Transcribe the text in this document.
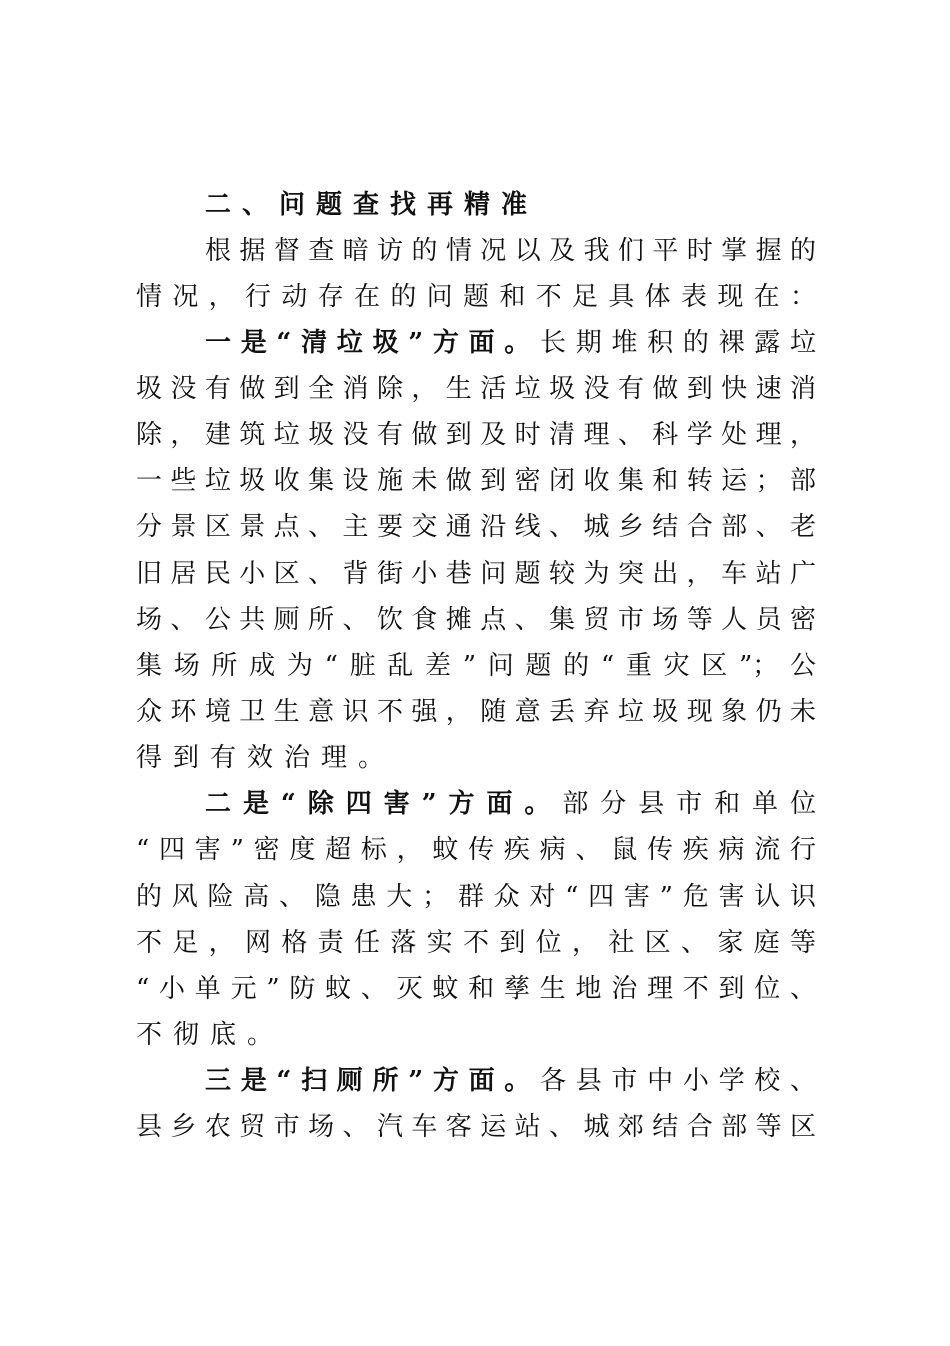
二、问题查找再精准
根据督查暗访的情况以及我们平时掌握的
情况，行动存在的问题和不足具体表现在：
一是“清垃圾”方面。长期堆积的裸露垃
圾没有做到全消除，生活垃圾没有做到快速消
除，建筑垃圾没有做到及时清理、科学处理，
一些垃圾收集设施未做到密闭收集和转运；部
分景区景点、主要交通沿线、城乡结合部、老
旧居民小区、背街小巷问题较为突出，车站广
场、公共厕所、饮食摊点、集贸市场等人员密
集场所成为“脏乱差”问题的“重灾区”；公
众环境卫生意识不强，随意丢弃垃圾现象仍未
得到有效治理。
二是“除四害”方面。部分县市和单位
“四害”密度超标，蚊传疾病、鼠传疾病流行
的风险高、隐患大；群众对“四害”危害认识
不足，网格责任落实不到位，社区、家庭等
“小单元”防蚊、灭蚊和孳生地治理不到位、
不彻底。
三是“扫厕所”方面。各县市中小学校、
县乡农贸市场、汽车客运站、城郊结合部等区
